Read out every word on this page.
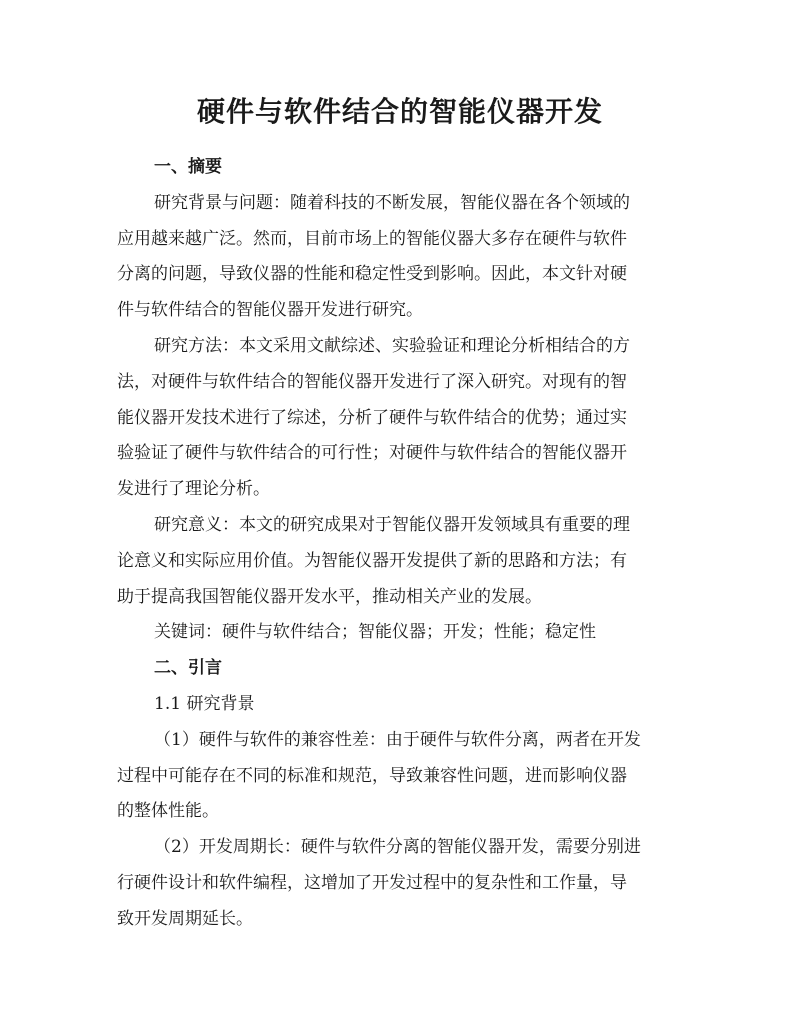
硬件与软件结合的智能仪器开发
一、摘要
研究背景与问题：随着科技的不断发展，智能仪器在各个领域的
应用越来越广泛。然而，目前市场上的智能仪器大多存在硬件与软件
分离的问题，导致仪器的性能和稳定性受到影响。因此，本文针对硬
件与软件结合的智能仪器开发进行研究。
研究方法：本文采用文献综述、实验验证和理论分析相结合的方
法，对硬件与软件结合的智能仪器开发进行了深入研究。对现有的智
能仪器开发技术进行了综述，分析了硬件与软件结合的优势；通过实
验验证了硬件与软件结合的可行性；对硬件与软件结合的智能仪器开
发进行了理论分析。
研究意义：本文的研究成果对于智能仪器开发领域具有重要的理
论意义和实际应用价值。为智能仪器开发提供了新的思路和方法；有
助于提高我国智能仪器开发水平，推动相关产业的发展。
关键词：硬件与软件结合；智能仪器；开发；性能；稳定性
二、引言
1.1 研究背景
（1）硬件与软件的兼容性差：由于硬件与软件分离，两者在开发
过程中可能存在不同的标准和规范，导致兼容性问题，进而影响仪器
的整体性能。
（2）开发周期长：硬件与软件分离的智能仪器开发，需要分别进
行硬件设计和软件编程，这增加了开发过程中的复杂性和工作量，导
致开发周期延长。
